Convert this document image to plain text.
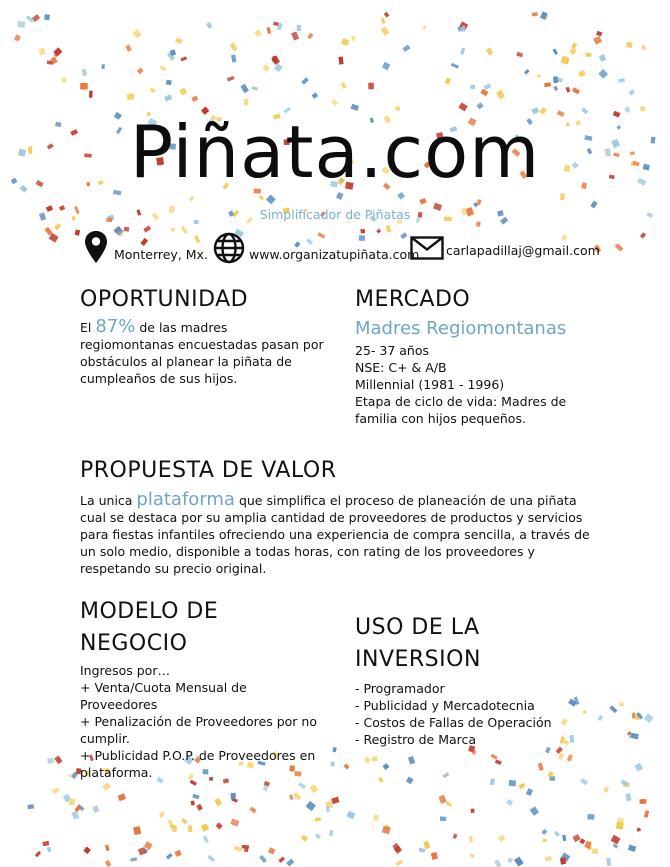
Piñata.com
Simplificador de Piñatas
Monterrey, Mx.	www.organizatupiñata.com carlapadillaj@gmail.com
OPORTUNIDAD
El 87% de las madres regiomontanas encuestadas pasan por obstáculos al planear la piñata de cumpleaños de sus hijos.
MERCADO
Madres Regiomontanas

25- 37 años

NSE: C+ & A/B

Millennial (1981 - 1996)

Etapa de ciclo de vida: Madres de familia con hijos pequeños.

PROPUESTA DE VALOR
La unica plataforma que simplifica el proceso de planeación de una piñata cual se destaca por su amplia cantidad de proveedores de productos y servicios para fiestas infantiles ofreciendo una experiencia de compra sencilla, a través de un solo medio, disponible a todas horas, con rating de los proveedores y respetando su precio original.
MODELO DE NEGOCIO

Ingresos por…

+ Venta/Cuota Mensual de Proveedores

+ Penalización de Proveedores por no cumplir.

+ Publicidad P.O.P. de Proveedores en plataforma.

USO DE LA INVERSION

- Programador

- Publicidad y Mercadotecnia

- Costos de Fallas de Operación

- Registro de Marca
